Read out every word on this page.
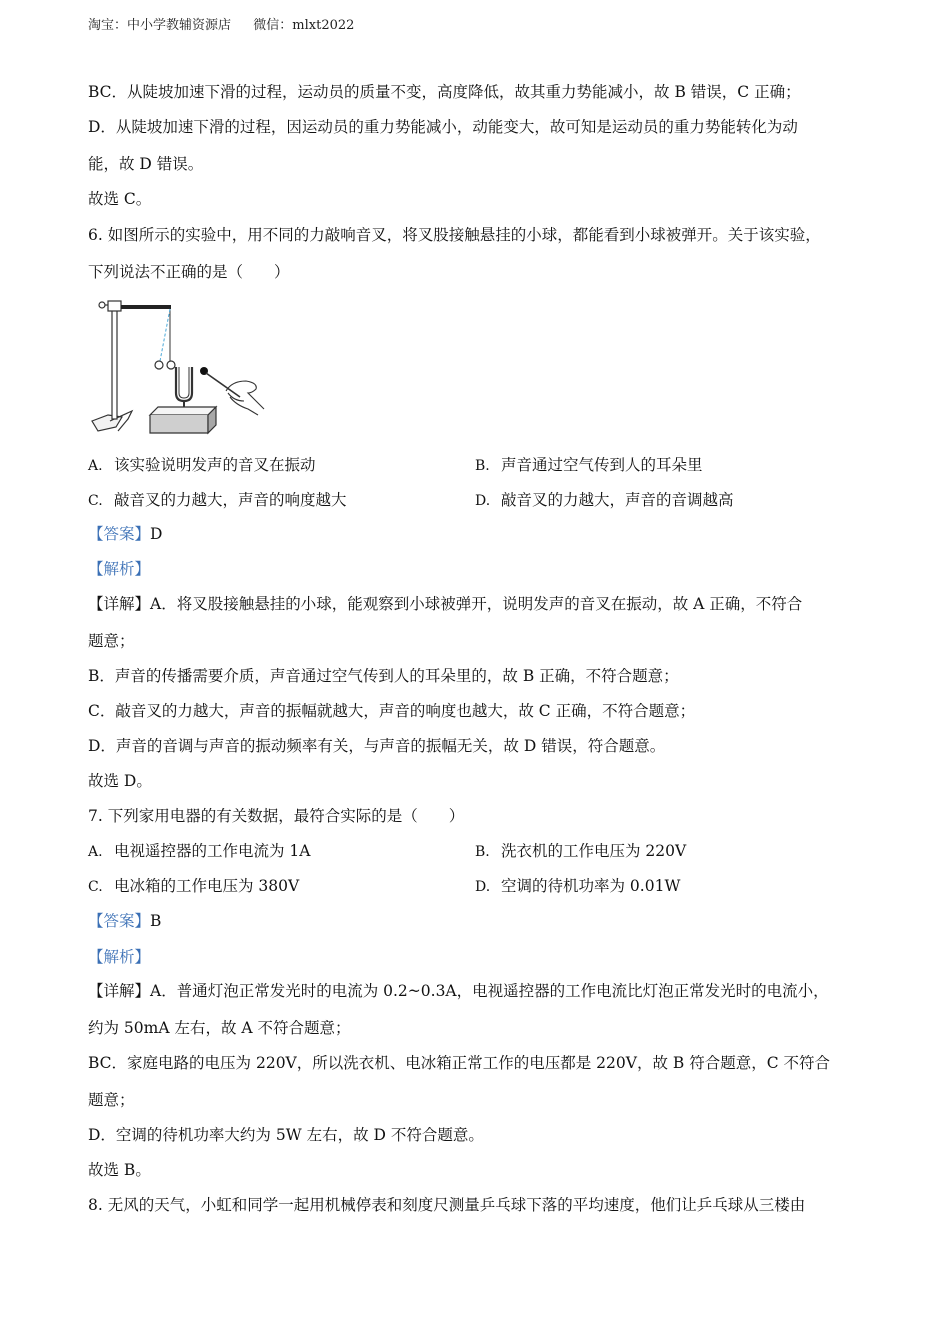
淘宝：中小学教辅资源店 微信：mlxt2022
BC．从陡坡加速下滑的过程，运动员的质量不变，高度降低，故其重力势能减小，故 B 错误，C 正确；
D．从陡坡加速下滑的过程，因运动员的重力势能减小，动能变大，故可知是运动员的重力势能转化为动
能，故 D 错误。
故选 C。
6. 如图所示的实验中，用不同的力敲响音叉，将叉股接触悬挂的小球，都能看到小球被弹开。关于该实验，
下列说法不正确的是（　　）
A. 该实验说明发声的音叉在振动	B. 声音通过空气传到人的耳朵里
C. 敲音叉的力越大，声音的响度越大	D. 敲音叉的力越大，声音的音调越高
【答案】D
【解析】
【详解】A．将叉股接触悬挂的小球，能观察到小球被弹开，说明发声的音叉在振动，故 A 正确，不符合
题意；
B．声音的传播需要介质，声音通过空气传到人的耳朵里的，故 B 正确，不符合题意；
C．敲音叉的力越大，声音的振幅就越大，声音的响度也越大，故 C 正确，不符合题意；
D．声音的音调与声音的振动频率有关，与声音的振幅无关，故 D 错误，符合题意。
故选 D。
7. 下列家用电器的有关数据，最符合实际的是（　　）
A. 电视遥控器的工作电流为 1A	B. 洗衣机的工作电压为 220V
C. 电冰箱的工作电压为 380V	D. 空调的待机功率为 0.01W
【答案】B
【解析】
【详解】A．普通灯泡正常发光时的电流为 0.2~0.3A，电视遥控器的工作电流比灯泡正常发光时的电流小，
约为 50mA 左右，故 A 不符合题意；
BC．家庭电路的电压为 220V，所以洗衣机、电冰箱正常工作的电压都是 220V，故 B 符合题意，C 不符合
题意；
D．空调的待机功率大约为 5W 左右，故 D 不符合题意。
故选 B。
8. 无风的天气，小虹和同学一起用机械停表和刻度尺测量乒乓球下落的平均速度，他们让乒乓球从三楼由
